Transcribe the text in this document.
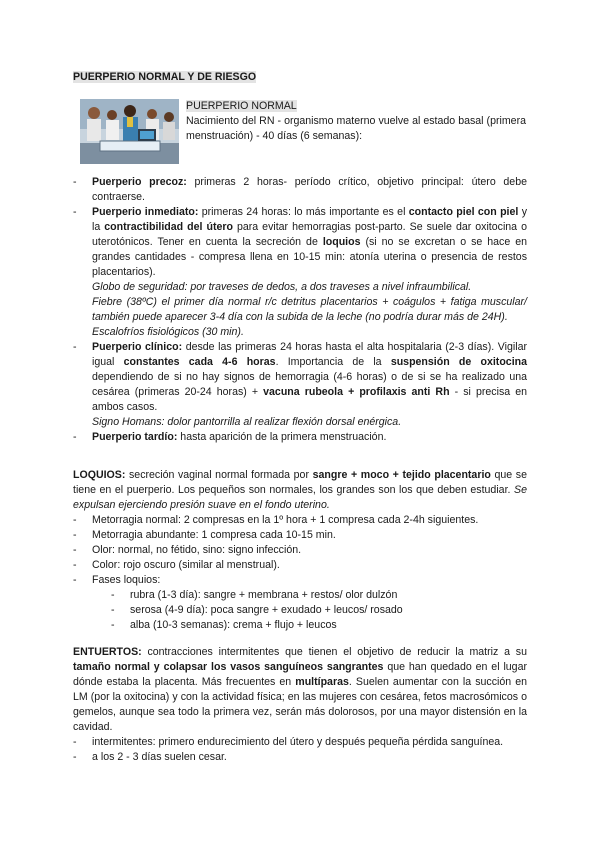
PUERPERIO NORMAL Y DE RIESGO
PUERPERIO NORMAL
Nacimiento del RN - organismo materno vuelve al estado basal (primera menstruación) - 40 días (6 semanas):
- Puerperio precoz: primeras 2 horas- período crítico, objetivo principal: útero debe contraerse.
- Puerperio inmediato: primeras 24 horas: lo más importante es el contacto piel con piel y la contractibilidad del útero para evitar hemorragias post-parto. Se suele dar oxitocina o uterotónicos. Tener en cuenta la secreción de loquios (si no se excretan o se hace en grandes cantidades - compresa llena en 10-15 min: atonía uterina o presencia de restos placentarios).
Globo de seguridad: por traveses de dedos, a dos traveses a nivel infraumbilical.
Fiebre (38ºC) el primer día normal r/c detritus placentarios + coágulos + fatiga muscular/ también puede aparecer 3-4 día con la subida de la leche (no podría durar más de 24H).
Escalofríos fisiológicos (30 min).
- Puerperio clínico: desde las primeras 24 horas hasta el alta hospitalaria (2-3 días). Vigilar igual constantes cada 4-6 horas. Importancia de la suspensión de oxitocina dependiendo de si no hay signos de hemorragia (4-6 horas) o de si se ha realizado una cesárea (primeras 20-24 horas) + vacuna rubeola + profilaxis anti Rh - si precisa en ambos casos.
Signo Homans: dolor pantorrilla al realizar flexión dorsal enérgica.
- Puerperio tardío: hasta aparición de la primera menstruación.
LOQUIOS: secreción vaginal normal formada por sangre + moco + tejido placentario que se tiene en el puerperio. Los pequeños son normales, los grandes son los que deben estudiar. Se expulsan ejerciendo presión suave en el fondo uterino.
- Metorragia normal: 2 compresas en la 1º hora + 1 compresa cada 2-4h siguientes.
- Metorragia abundante: 1 compresa cada 10-15 min.
- Olor: normal, no fétido, sino: signo infección.
- Color: rojo oscuro (similar al menstrual).
- Fases loquios:
- rubra (1-3 día): sangre + membrana + restos/ olor dulzón
- serosa (4-9 día): poca sangre + exudado + leucos/ rosado
- alba (10-3 semanas): crema + flujo + leucos
ENTUERTOS: contracciones intermitentes que tienen el objetivo de reducir la matriz a su tamaño normal y colapsar los vasos sanguíneos sangrantes que han quedado en el lugar dónde estaba la placenta. Más frecuentes en multíparas. Suelen aumentar con la succión en LM (por la oxitocina) y con la actividad física; en las mujeres con cesárea, fetos macrosómicos o gemelos, aunque sea todo la primera vez, serán más dolorosos, por una mayor distensión en la cavidad.
- intermitentes: primero endurecimiento del útero y después pequeña pérdida sanguínea.
- a los 2 - 3 días suelen cesar.
